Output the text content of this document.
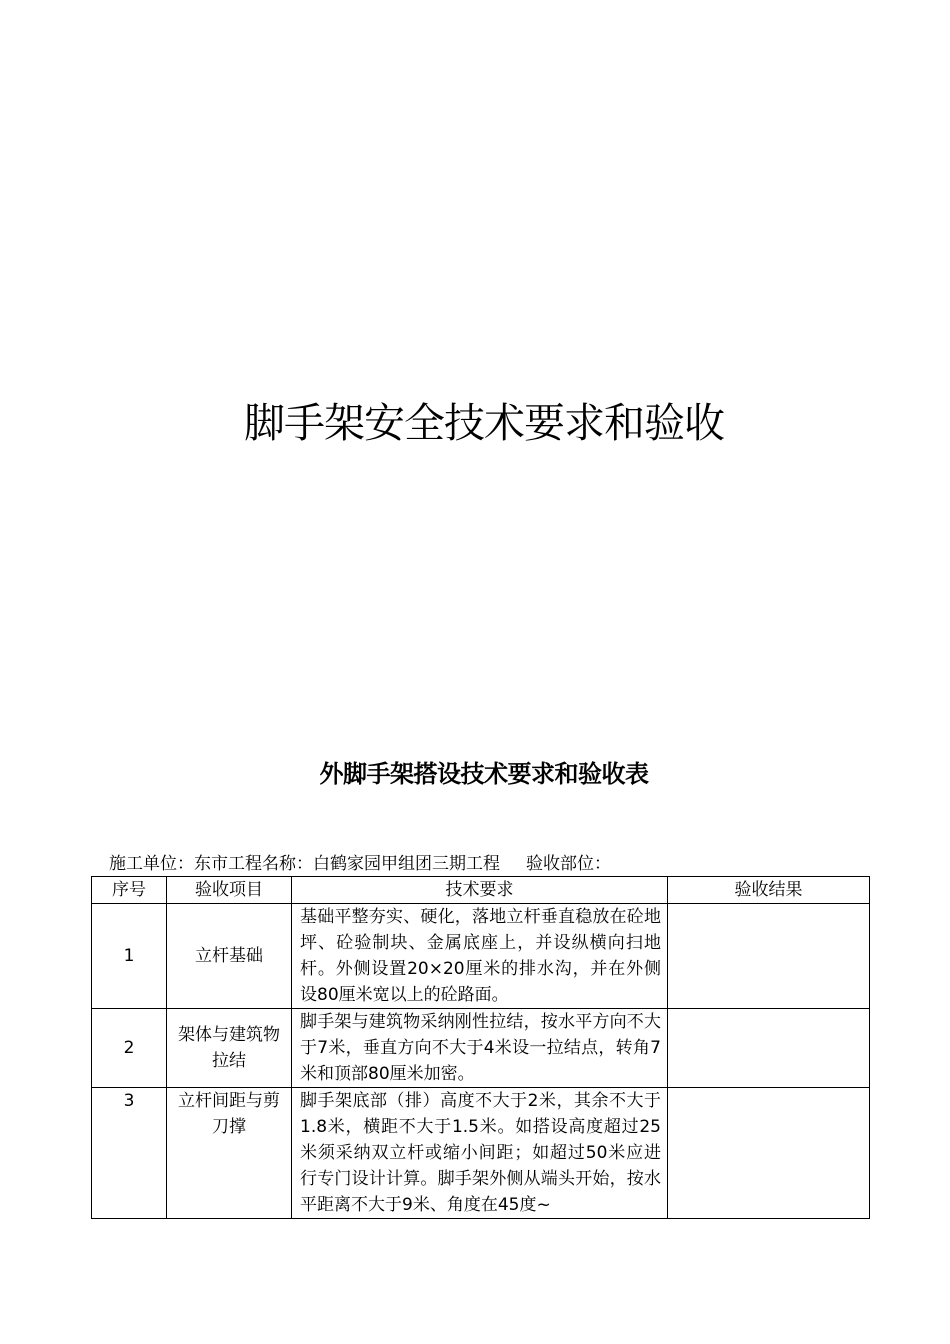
脚手架安全技术要求和验收
外脚手架搭设技术要求和验收表
施工单位：东市工程名称：白鹤家园甲组团三期工程 验收部位：
序号	验收项目	技术要求	验收结果
1	立杆基础	基础平整夯实、硬化，落地立杆垂直稳放在砼地坪、砼验制块、金属底座上，并设纵横向扫地杆。外侧设置20×20厘米的排水沟，并在外侧设80厘米宽以上的砼路面。	
2	架体与建筑物拉结	脚手架与建筑物采纳刚性拉结，按水平方向不大于7米，垂直方向不大于4米设一拉结点，转角7米和顶部80厘米加密。	
3	立杆间距与剪刀撑	脚手架底部（排）高度不大于2米，其余不大于1.8米，横距不大于1.5米。如搭设高度超过25米须采纳双立杆或缩小间距；如超过50米应进行专门设计计算。脚手架外侧从端头开始，按水平距离不大于9米、角度在45度~	
